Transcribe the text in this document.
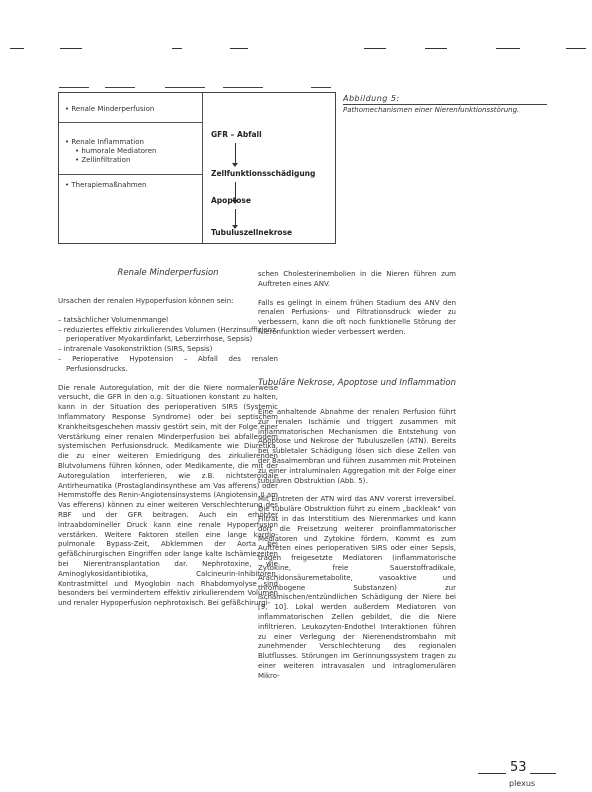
• Renale Minderperfusion
• Renale Inflammation
• humorale Mediatoren
• Zellinfiltration
• Therapiemaßnahmen
GFR – Abfall
Zellfunktionsschädigung
Apoptose
Tubuluszellnekrose
Abbildung 5:
Pathomechanismen einer Nierenfunktionsstörung.
Renale Minderperfusion

Ursachen der renalen Hypoperfusion können sein:

– tatsächlicher Volumenmangel
– reduziertes effektiv zirkulierendes Volumen (Herzinsuffizienz, perioperativer Myokardinfarkt, Leberzirrhose, Sepsis)
– intrarenale Vasokonstriktion (SIRS, Sepsis)
– Perioperative Hypotension – Abfall des renalen Perfusionsdrucks.

Die renale Autoregulation, mit der die Niere normalerweise versucht, die GFR in den o.g. Situationen konstant zu halten, kann in der Situation des perioperativen SIRS (Systemic Inflammatory Response Syndrome) oder bei septischem Krankheitsgeschehen massiv gestört sein, mit der Folge einer Verstärkung einer renalen Minderperfusion bei abfallendem systemischen Perfusionsdruck. Medikamente wie Diuretika, die zu einer weiteren Erniedrigung des zirkulierenden Blutvolumens führen können, oder Medikamente, die mit der Autoregulation interferieren, wie z.B. nichtsteroidale Antirheumatika (Prostaglandinsynthese am Vas afferens) oder Hemmstoffe des Renin-Angiotensinsystems (Angiotensin II am Vas efferens) können zu einer weiteren Verschlechterung des RBF und der GFR beitragen. Auch ein erhöhter intraabdomineller Druck kann eine renale Hypoperfusion verstärken. Weitere Faktoren stellen eine lange kardio-pulmonale Bypass-Zeit, Abklemmen der Aorta bei gefäßchirurgischen Eingriffen oder lange kalte Ischämiezeiten bei Nierentransplantation dar. Nephrotoxine, wie Aminoglykosidantibiotika, Calcineurin-Inhibitoren, Kontrastmittel und Myoglobin nach Rhabdomyolyse sind besonders bei vermindertem effektiv zirkulierendem Volumen und renaler Hypoperfusion nephrotoxisch. Bei gefäßchirurgi-

schen Cholesterinembolien in die Nieren führen zum Auftreten eines ANV.

Falls es gelingt in einem frühen Stadium des ANV den renalen Perfusions- und Filtrationsdruck wieder zu verbessern, kann die oft noch funktionelle Störung der Nierenfunktion wieder verbessert werden.

Tubuläre Nekrose, Apoptose und Inflammation

Eine anhaltende Abnahme der renalen Perfusion führt zur renalen Ischämie und triggert zusammen mit inflammatorischen Mechanismen die Entstehung von Apoptose und Nekrose der Tubuluszellen (ATN). Bereits bei subletaler Schädigung lösen sich diese Zellen von der Basalmembran und führen zusammen mit Proteinen zu einer intraluminalen Aggregation mit der Folge einer tubulären Obstruktion (Abb. 5).

Mit Eintreten der ATN wird das ANV vorerst irreversibel. Die tubuläre Obstruktion führt zu einem „backleak" von Filtrat in das Interstitium des Nierenmarkes und kann dort die Freisetzung weiterer proinflammatorischer Mediatoren und Zytokine fördern. Kommt es zum Auftreten eines perioperativen SIRS oder einer Sepsis, tragen freigesetzte Mediatoren (inflammatorische Zytokine, freie Sauerstoffradikale, Arachidonsäuremetabolite, vasoaktive und thrombogene Substanzen) zur ischämischen/entzündlichen Schädigung der Niere bei [9, 10]. Lokal werden außerdem Mediatoren von inflammatorischen Zellen gebildet, die die Niere infiltrieren. Leukozyten-Endothel Interaktionen führen zu einer Verlegung der Nierenendstrombahn mit zunehmender Verschlechterung des regionalen Blutflusses. Störungen im Gerinnungssystem tragen zu einer weiteren intravasalen und intraglomerulären Mikro-

53
plexus
